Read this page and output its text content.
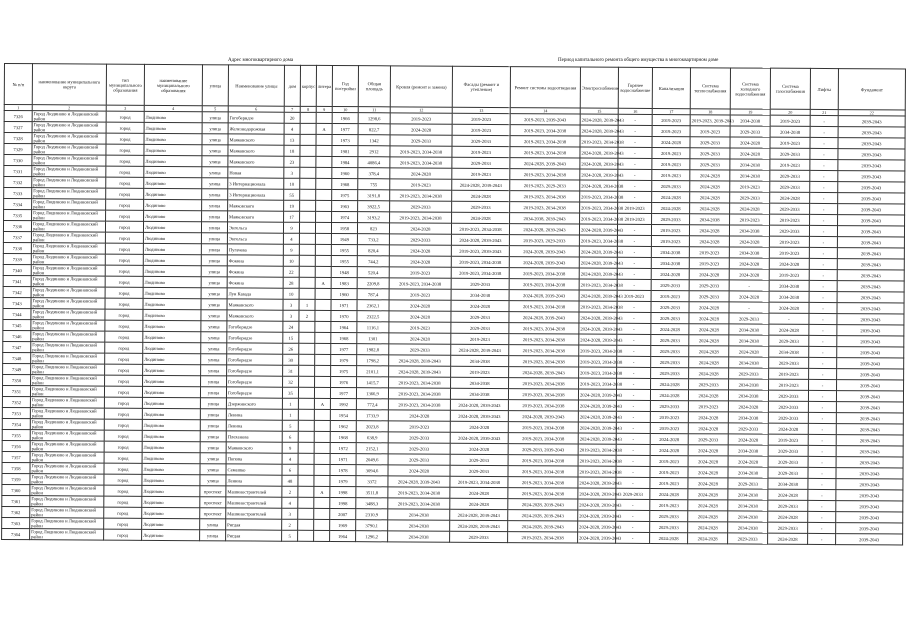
Адрес многоквартирного дома	Период капитального ремонта общего имущества в многоквартирном доме
№ п/п	наименование муниципального округа	тип муниципального образования	наименование муниципального образования	улица	Наименование улицы	дом	корпус	литера	Год постройки	Общая площадь	Кровля (ремонт и замена)	Фасады (ремонт и утепление)	Ремонт системы водоотведения	Электроснабжение	Горячее водоснабжение	Канализация	Система теплоснабжения	Система холодного водоснабжения	Система газоснабжения	Лифты	Фундамент
1	2	3	4	5	6	7	8	9	10	11	12	13	14	15	16	17	18	19	20	21	22
7326	Город Людиново и Людиновский район	город	Людиново	улица	Гогоберидзе	20			1966	1298,6	2019-2023	2019-2023	2019-2023, 2039-2043	2024-2028, 2039-2043	-	2019-2023	2019-2023, 2039-2043	2034-2038	2019-2023	-	2039-2043
7327	Город Людиново и Людиновский район	город	Людиново	улица	Железнодорожная	4		А	1977	822,7	2024-2028	2019-2023	2019-2023, 2034-2038	2024-2028, 2039-2043	-	2019-2023	2019-2023	2029-2033	2034-2038	-	2039-2043
7328	Город Людиново и Людиновский район	город	Людиново	улица	Маяковского	13			1973	1342	2029-2033	2029-2033	2019-2023, 2034-2038	2019-2023, 2034-2038	-	2024-2028	2029-2033	2024-2028	2019-2023	-	2039-2043
7329	Город Людиново и Людиновский район	город	Людиново	улица	Маяковского	18			1981	2912	2019-2023, 2034-2038	2019-2023	2019-2023, 2034-2038	2024-2028, 2039-2043	-	2019-2023	2029-2033	2024-2028	2029-2033	-	2039-2043
7330	Город Людиново и Людиновский район	город	Людиново	улица	Маяковского	23			1984	4086,4	2019-2023, 2034-2038	2029-2033	2024-2028, 2039-2043	2024-2028, 2039-2043	-	2019-2023	2029-2033	2034-2038	2019-2023	-	2039-2043
7331	Город Людиново и Людиновский район	город	Людиново	улица	Новая	3			1960	378,4	2024-2028	2019-2023	2019-2023, 2034-2038	2024-2028, 2039-2043	-	2019-2023	2024-2028	2034-2038	2029-2033	-	2039-2043
7332	Город Людиново и Людиновский район	город	Людиново	улица	3 Интернационала	10			1968	755	2019-2023	2024-2028, 2039-2043	2019-2023, 2029-2033	2024-2028, 2034-2038	-	2029-2033	2024-2028	2019-2023	2029-2033	-	2039-2043
7333	Город Людиново и Людиновский район	город	Людиново	улица	3 Интернационала	55			1975	3191,8	2019-2023, 2034-2038	2024-2028	2019-2023, 2034-2038	2019-2023, 2034-2038	-	2024-2028	2024-2028	2029-2033	2024-2028	-	2039-2043
7334	Город Людиново и Людиновский район	город	Людиново	улица	Маяковского	19			1963	3922,5	2029-2033	2029-2033	2019-2023, 2034-2038	2019-2023, 2034-2038	2019-2023	2024-2028	2024-2028	2024-2028	2029-2033	-	2039-2043
7335	Город Людиново и Людиновский район	город	Людиново	улица	Маяковского	17			1974	3193,2	2019-2023, 2034-2038	2024-2028	2034-2038, 2039-2043	2019-2023, 2034-2038	2019-2023	2029-2033	2034-2038	2019-2023	2019-2023	-	2039-2043
7336	Город Людиново и Людиновский район	город	Людиново	улица	Энгельса	9			1958	823	2024-2028	2019-2023, 2034-2038	2024-2028, 2039-2043	2024-2028, 2039-2043	-	2019-2023	2024-2028	2034-2038	2029-2033	-	2039-2043
7337	Город Людиново и Людиновский район	город	Людиново	улица	Энгельса	4			1949	733,2	2029-2033	2024-2028, 2039-2043	2019-2023, 2029-2033	2019-2023, 2034-2038	-	2019-2023	2024-2028	2024-2028	2019-2023	-	2039-2043
7338	Город Людиново и Людиновский район	город	Людиново	улица	Пугачева	9			1955	820,4	2024-2028	2019-2023, 2039-2043	2024-2028, 2039-2043	2024-2028, 2039-2043	-	2034-2038	2019-2023	2034-2038	2019-2023	-	2039-2043
7339	Город Людиново и Людиновский район	город	Людиново	улица	Фокина	10			1955	744,2	2024-2028	2019-2023, 2034-2038	2024-2028, 2039-2043	2024-2028, 2039-2043	-	2034-2038	2019-2023	2024-2028	2024-2028	-	2039-2043
7340	Город Людиново и Людиновский район	город	Людиново	улица	Фокина	22			1948	520,4	2019-2023	2019-2023, 2034-2038	2019-2023, 2034-2038	2024-2028, 2039-2043	-	2024-2028	2024-2028	2024-2028	2019-2023	-	2039-2043
7341	Город Людиново и Людиновский район	город	Людиново	улица	Фокина	28		А	1983	2209,8	2019-2023, 2034-2038	2029-2033	2019-2023, 2034-2038	2019-2023, 2034-2038	-	2029-2033	2029-2033	-	2034-2038	-	2039-2043
7342	Город Людиново и Людиновский район	город	Людиново	улица	Луи Кавада	10			1960	787,4	2019-2023	2034-2038	2024-2028, 2039-2043	2024-2028, 2039-2043	2019-2023	2019-2023	2029-2033	2024-2028	2034-2038	-	2039-2043
7343	Город Людиново и Людиновский район	город	Людиново	улица	Маяковского	3	1		1971	2362,1	2024-2028	2024-2028	2019-2023, 2034-2038	2019-2023, 2034-2038	-	2029-2033	2024-2028	-	2024-2028	-	2039-2043
7344	Город Людиново и Людиновский район	город	Людиново	улица	Маяковского	3	2		1970	2322,5	2024-2028	2029-2033	2024-2028, 2039-2043	2024-2028, 2039-2043	-	2029-2033	2024-2028	2029-2033	-	-	2039-2043
7345	Город Людиново и Людиновский район	город	Людиново	улица	Гогоберидзе	24			1964	1116,1	2019-2023	2029-2033	2019-2023, 2034-2038	2024-2028, 2039-2043	-	2024-2028	2024-2028	2034-2038	2024-2028	-	2039-2043
7346	Город Людиново и Людиновский район	город	Людиново	улица	Гогоберидзе	15			1968	1301	2024-2028	2019-2023	2019-2023, 2034-2038	2024-2028, 2039-2043	-	2029-2033	2024-2028	2034-2038	2029-2033	-	2039-2043
7347	Город Людиново и Людиновский район	город	Людиново	улица	Гогоберидзе	26			1977	1982,8	2029-2033	2024-2028, 2039-2043	2019-2023, 2034-2038	2019-2023, 2034-2038	-	2029-2033	2024-2028	2024-2028	2034-2038	-	2039-2043
7348	Город Людиново и Людиновский район	город	Людиново	улица	Гогоберидзе	30			1979	1798,2	2024-2028, 2039-2043	2034-2038	2019-2023, 2034-2038	2019-2023, 2034-2038	-	2029-2033	2024-2028	2034-2038	2029-2033	-	2039-2043
7349	Город Людиново и Людиновский район	город	Людиново	улица	Гогоберидзе	31			1975	2101,1	2024-2028, 2039-2043	2019-2023	2024-2028, 2039-2043	2019-2023, 2034-2038	-	2029-2033	2024-2028	2029-2033	2019-2023	-	2039-2043
7350	Город Людиново и Людиновский район	город	Людиново	улица	Гогоберидзе	32			1976	1415,7	2019-2023, 2034-2038	2034-2038	2019-2023, 2034-2038	2019-2023, 2034-2038	-	2024-2028	2029-2033	2034-2038	2019-2023	-	2039-2043
7351	Город Людиново и Людиновский район	город	Людиново	улица	Гогоберидзе	35			1977	1366,9	2019-2023, 2034-2038	2034-2038	2019-2023, 2034-2038	2024-2028, 2039-2043	-	2024-2028	2024-2028	2034-2038	2029-2033	-	2039-2043
7352	Город Людиново и Людиновский район	город	Людиново	улица	Дзержинского	1		А	1992	772,4	2019-2023, 2034-2038	2024-2028, 2039-2043	2019-2023, 2034-2038	2024-2028, 2039-2043	-	2029-2033	2019-2023	2024-2028	2029-2033	-	2039-2043
7353	Город Людиново и Людиновский район	город	Людиново	улица	Ленина	1			1954	1733,9	2024-2028	2024-2028, 2039-2043	2024-2028, 2039-2043	2024-2028, 2039-2043	-	2019-2023	2024-2028	2034-2038	2029-2033	-	2039-2043
7354	Город Людиново и Людиновский район	город	Людиново	улица	Ленина	5			1962	2023,8	2019-2023	2024-2028	2019-2023, 2034-2038	2024-2028, 2039-2043	-	2019-2023	2024-2028	2029-2033	2024-2028	-	2039-2043
7355	Город Людиново и Людиновский район	город	Людиново	улица	Плеханова	6			1968	638,9	2029-2033	2024-2028, 2039-2043	2019-2023, 2034-2038	2024-2028, 2039-2043	-	2024-2028	2029-2033	2024-2028	2019-2023	-	2039-2043
7356	Город Людиново и Людиновский район	город	Людиново	улица	Маяковского	9			1972	2152,1	2029-2033	2024-2028	2029-2033, 2039-2043	2019-2023, 2034-2038	-	2024-2028	2024-2028	2034-2038	2029-2033	-	2039-2043
7357	Город Людиново и Людиновский район	город	Людиново	улица	Попова	4			1971	2049,6	2029-2033	2029-2033	2019-2023, 2034-2038	2019-2023, 2034-2038	-	2019-2023	2024-2028	2024-2028	2029-2033	-	2039-2043
7358	Город Людиново и Людиновский район	город	Людиново	улица	Семашко	6			1978	3094,6	2024-2028	2029-2033	2019-2023, 2034-2038	2019-2023, 2034-2038	-	2019-2023	2024-2028	2034-2038	2029-2033	-	2039-2043
7359	Город Людиново и Людиновский район	город	Людиново	улица	Ленина	48			1979	3372	2024-2028, 2039-2043	2019-2023, 2034-2038	2019-2023, 2034-2038	2024-2028, 2039-2043	-	2019-2023	2024-2028	2029-2033	2034-2038	-	2039-2043
7360	Город Людиново и Людиновский район	город	Людиново	проспект	Машиностроителей	2		А	1998	3511,8	2019-2023, 2034-2038	2024-2028	2019-2023, 2034-2038	2024-2028, 2039-2043	2029-2033	2024-2028	2024-2028	2034-2038	2024-2028	-	2039-2043
7361	Город Людиново и Людиновский район	город	Людиново	проспект	Машиностроителей	4			1998	3488,3	2019-2023, 2034-2038	2024-2028	2024-2028, 2039-2043	2024-2028, 2039-2043	-	2019-2023	2024-2028	2034-2038	2029-2033	-	2039-2043
7362	Город Людиново и Людиновский район	город	Людиново	проспект	Машиностроителей	3			2007	2310,9	2034-2038	2024-2028, 2039-2043	2024-2028, 2039-2043	2024-2028, 2039-2043	-	2029-2033	2024-2028	2034-2038	2024-2028	-	2039-2043
7363	Город Людиново и Людиновский район	город	Людиново	улица	Ригдая	2			1969	3790,1	2034-2038	2024-2028, 2039-2043	2024-2028, 2039-2043	2024-2028, 2039-2043	-	2029-2033	2024-2028	2034-2038	2029-2033	-	2039-2043
7364	Город Людиново и Людиновский район	город	Людиново	улица	Ригдая	5			1964	1296,2	2034-2038	2029-2033	2019-2023, 2034-2038	2024-2028, 2039-2043	-	2024-2028	2024-2028	2029-2033	2024-2028	-	2039-2043
